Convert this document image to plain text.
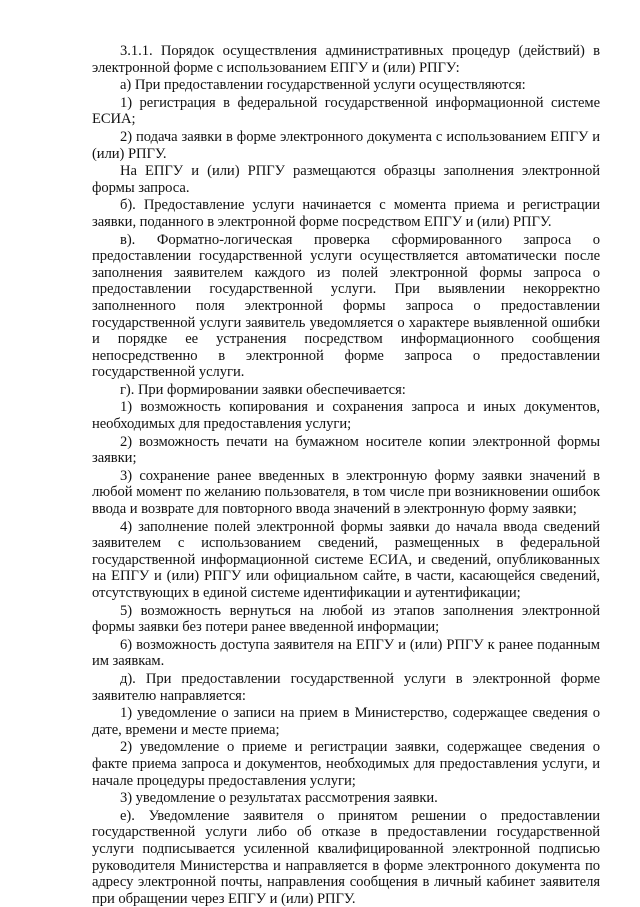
3.1.1. Порядок осуществления административных процедур (действий) в электронной форме с использованием ЕПГУ и (или) РПГУ:

а) При предоставлении государственной услуги осуществляются:

1) регистрация в федеральной государственной информационной системе ЕСИА;

2) подача заявки в форме электронного документа с использованием ЕПГУ и (или) РПГУ.

На ЕПГУ и (или) РПГУ размещаются образцы заполнения электронной формы запроса.

б). Предоставление услуги начинается с момента приема и регистрации заявки, поданного в электронной форме посредством ЕПГУ и (или) РПГУ.

в). Форматно-логическая проверка сформированного запроса о предоставлении государственной услуги осуществляется автоматически после заполнения заявителем каждого из полей электронной формы запроса о предоставлении государственной услуги. При выявлении некорректно заполненного поля электронной формы запроса о предоставлении государственной услуги заявитель уведомляется о характере выявленной ошибки и порядке ее устранения посредством информационного сообщения непосредственно в электронной форме запроса о предоставлении государственной услуги.

г). При формировании заявки обеспечивается:

1) возможность копирования и сохранения запроса и иных документов, необходимых для предоставления услуги;

2) возможность печати на бумажном носителе копии электронной формы заявки;

3) сохранение ранее введенных в электронную форму заявки значений в любой момент по желанию пользователя, в том числе при возникновении ошибок ввода и возврате для повторного ввода значений в электронную форму заявки;

4) заполнение полей электронной формы заявки до начала ввода сведений заявителем с использованием сведений, размещенных в федеральной государственной информационной системе ЕСИА, и сведений, опубликованных на ЕПГУ и (или) РПГУ или официальном сайте, в части, касающейся сведений, отсутствующих в единой системе идентификации и аутентификации;

5) возможность вернуться на любой из этапов заполнения электронной формы заявки без потери ранее введенной информации;

6) возможность доступа заявителя на ЕПГУ и (или) РПГУ к ранее поданным им заявкам.

д). При предоставлении государственной услуги в электронной форме заявителю направляется:

1) уведомление о записи на прием в Министерство, содержащее сведения о дате, времени и месте приема;

2) уведомление о приеме и регистрации заявки, содержащее сведения о факте приема запроса и документов, необходимых для предоставления услуги, и начале процедуры предоставления услуги;

3) уведомление о результатах рассмотрения заявки.

е). Уведомление заявителя о принятом решении о предоставлении государственной услуги либо об отказе в предоставлении государственной услуги подписывается усиленной квалифицированной электронной подписью руководителя Министерства и направляется в форме электронного документа по адресу электронной почты, направления сообщения в личный кабинет заявителя при обращении через ЕПГУ и (или) РПГУ.
